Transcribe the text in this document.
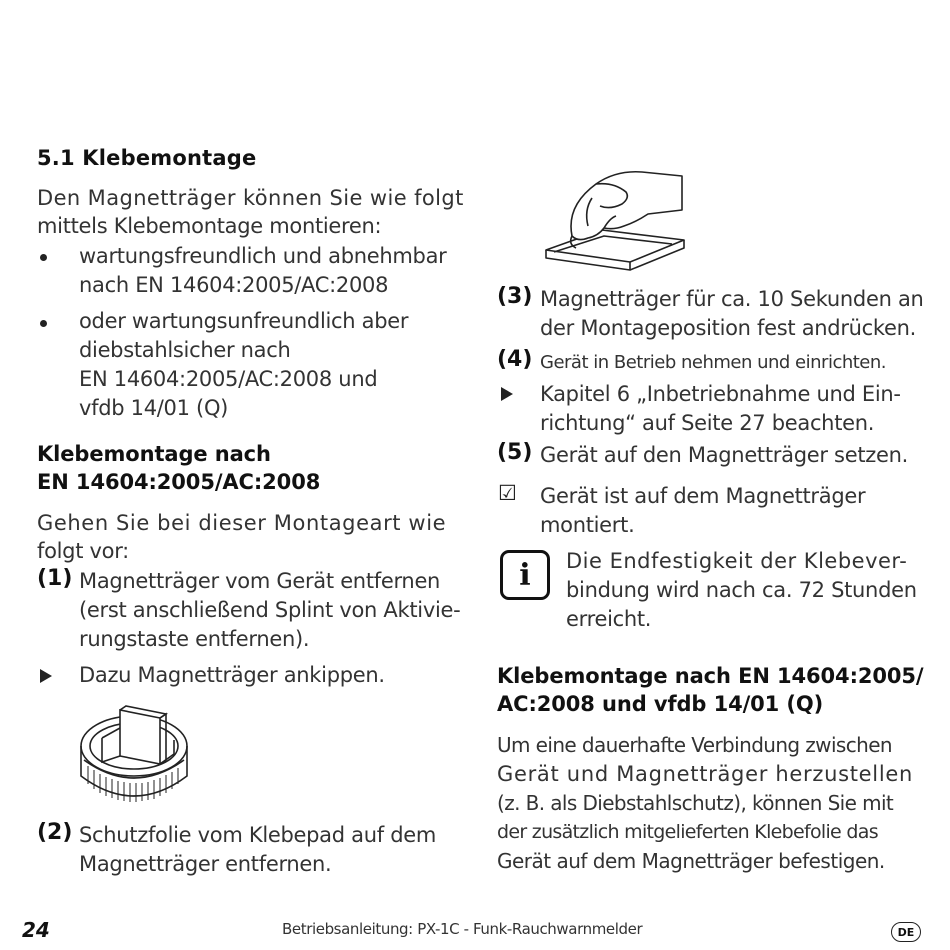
5.1 Klebemontage
Den Magnetträger können Sie wie folgt
mittels Klebemontage montieren:
wartungsfreundlich und abnehmbar
nach EN 14604:2005/AC:2008
oder wartungsunfreundlich aber
diebstahlsicher nach
EN 14604:2005/AC:2008 und
vfdb 14/01 (Q)
Klebemontage nach
EN 14604:2005/AC:2008
Gehen Sie bei dieser Montageart wie
folgt vor:
(1) Magnetträger vom Gerät entfernen
(erst anschließend Splint von Aktivie-
rungstaste entfernen).
Dazu Magnetträger ankippen.
(2) Schutzfolie vom Klebepad auf dem
Magnetträger entfernen.
(3) Magnetträger für ca. 10 Sekunden an
der Montageposition fest andrücken.
(4) Gerät in Betrieb nehmen und einrichten.
Kapitel 6 „Inbetriebnahme und Ein-
richtung“ auf Seite 27 beachten.
(5) Gerät auf den Magnetträger setzen.
☑ Gerät ist auf dem Magnetträger
montiert.
i Die Endfestigkeit der Klebever-
bindung wird nach ca. 72 Stunden
erreicht.
Klebemontage nach EN 14604:2005/
AC:2008 und vfdb 14/01 (Q)
Um eine dauerhafte Verbindung zwischen
Gerät und Magnetträger herzustellen
(z. B. als Diebstahlschutz), können Sie mit
der zusätzlich mitgelieferten Klebefolie das
Gerät auf dem Magnetträger befestigen.
24	Betriebsanleitung: PX-1C - Funk-Rauchwarnmelder	DE
